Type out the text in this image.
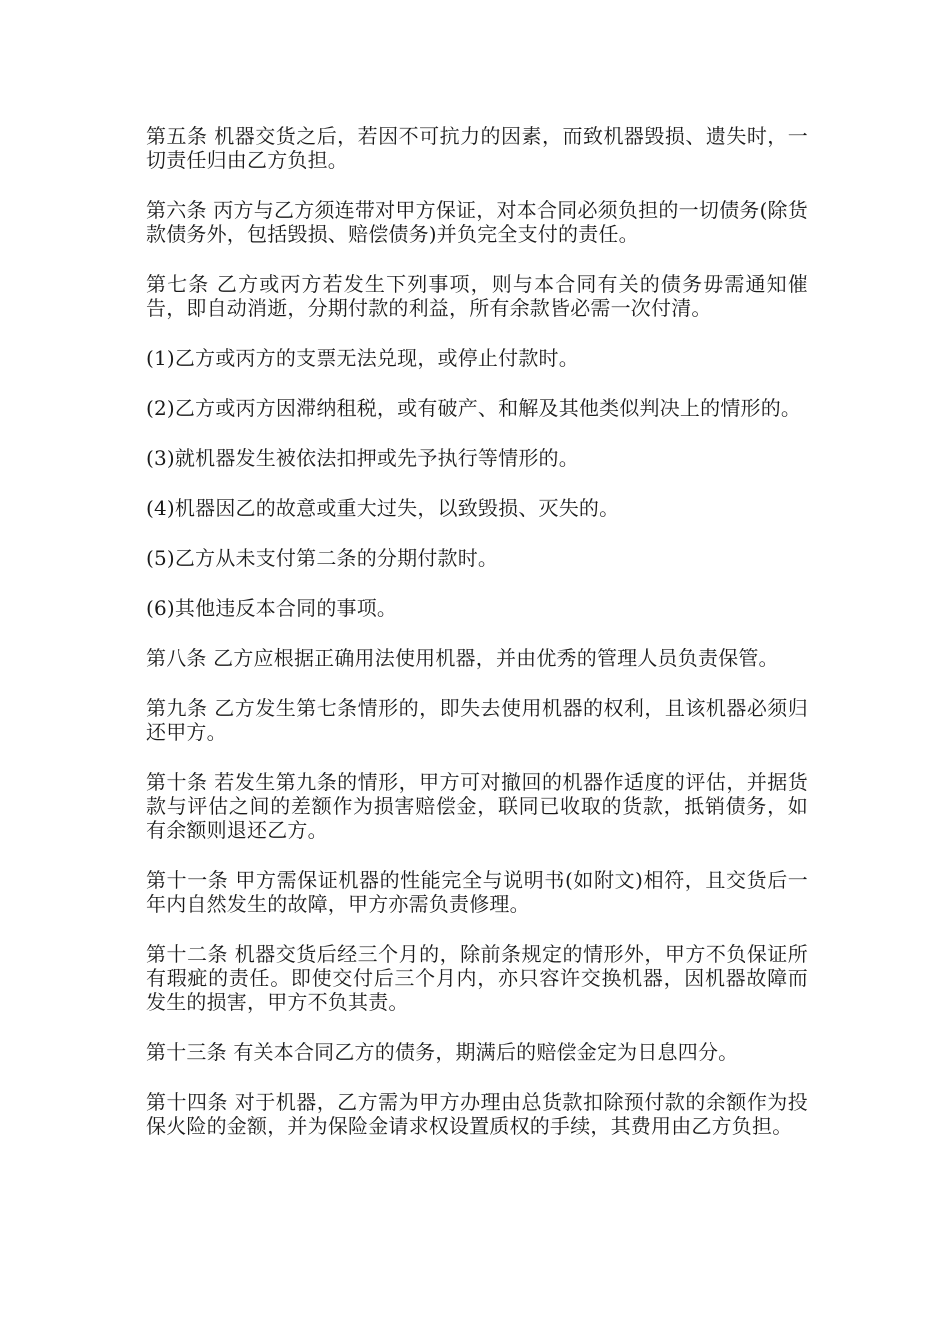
第五条 机器交货之后，若因不可抗力的因素，而致机器毁损、遗失时，一切责任归由乙方负担。

第六条 丙方与乙方须连带对甲方保证，对本合同必须负担的一切债务(除货款债务外，包括毁损、赔偿债务)并负完全支付的责任。

第七条 乙方或丙方若发生下列事项，则与本合同有关的债务毋需通知催告，即自动消逝，分期付款的利益，所有余款皆必需一次付清。

(1)乙方或丙方的支票无法兑现，或停止付款时。

(2)乙方或丙方因滞纳租税，或有破产、和解及其他类似判决上的情形的。

(3)就机器发生被依法扣押或先予执行等情形的。

(4)机器因乙的故意或重大过失，以致毁损、灭失的。

(5)乙方从未支付第二条的分期付款时。

(6)其他违反本合同的事项。

第八条 乙方应根据正确用法使用机器，并由优秀的管理人员负责保管。

第九条 乙方发生第七条情形的，即失去使用机器的权利，且该机器必须归还甲方。

第十条 若发生第九条的情形，甲方可对撤回的机器作适度的评估，并据货款与评估之间的差额作为损害赔偿金，联同已收取的货款，抵销债务，如有余额则退还乙方。

第十一条 甲方需保证机器的性能完全与说明书(如附文)相符，且交货后一年内自然发生的故障，甲方亦需负责修理。

第十二条 机器交货后经三个月的，除前条规定的情形外，甲方不负保证所有瑕疵的责任。即使交付后三个月内，亦只容许交换机器，因机器故障而发生的损害，甲方不负其责。

第十三条 有关本合同乙方的债务，期满后的赔偿金定为日息四分。

第十四条 对于机器，乙方需为甲方办理由总货款扣除预付款的余额作为投保火险的金额，并为保险金请求权设置质权的手续，其费用由乙方负担。
